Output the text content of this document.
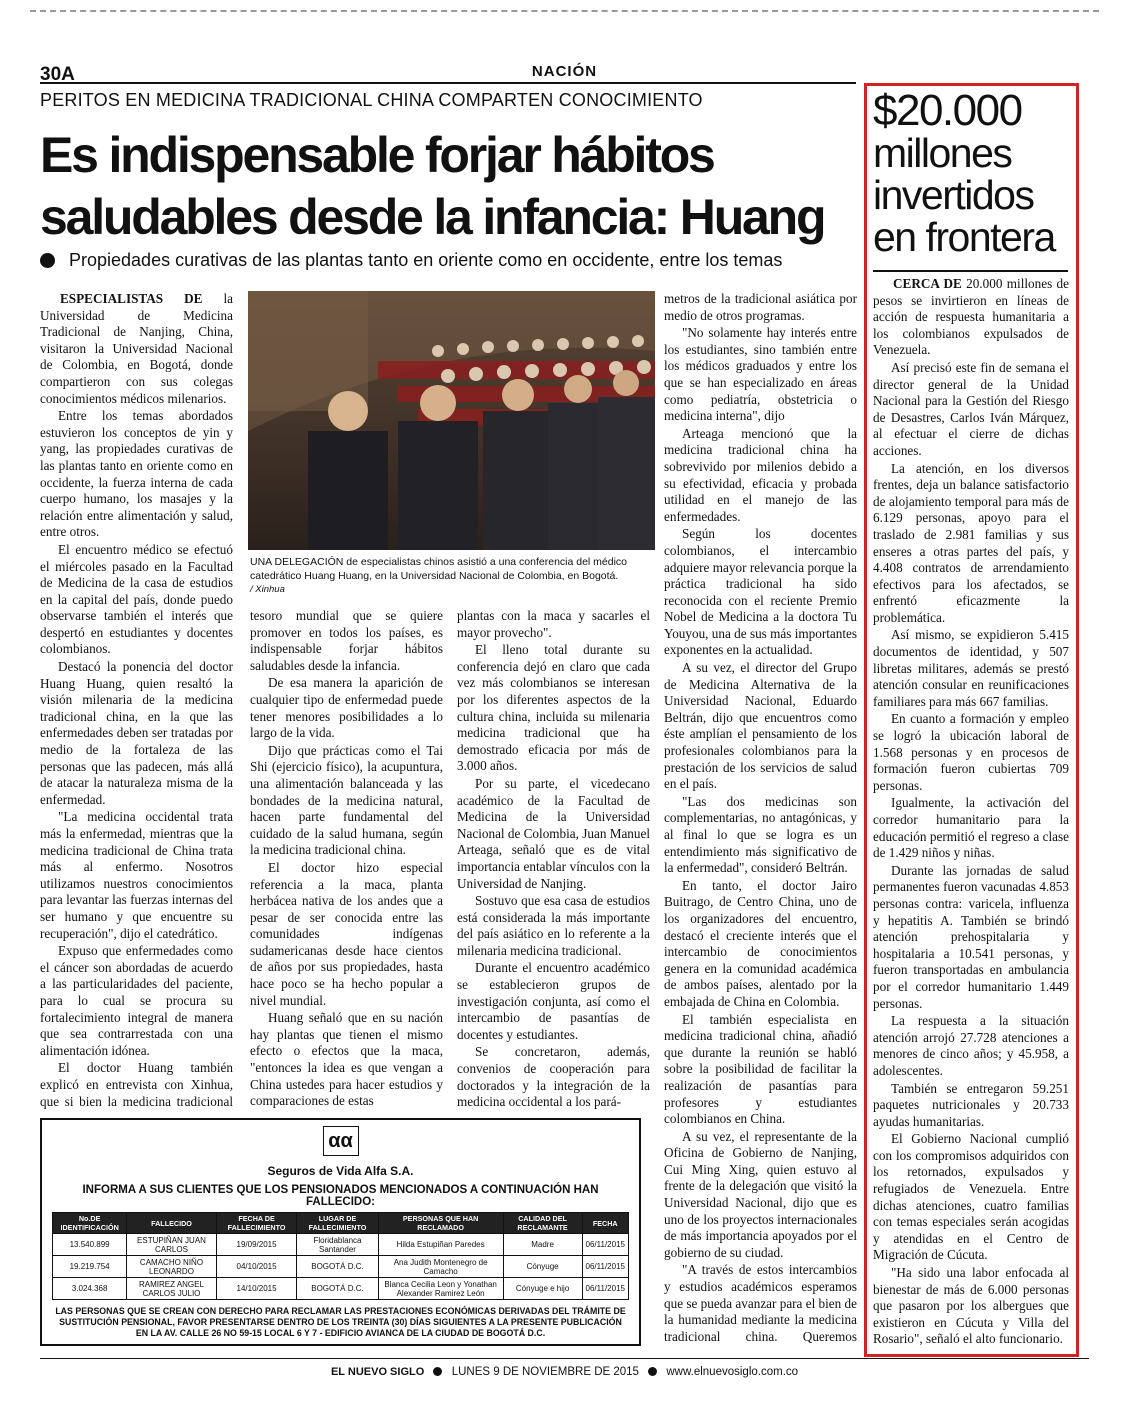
30A	NACIÓN
PERITOS EN MEDICINA TRADICIONAL CHINA COMPARTEN CONOCIMIENTO
Es indispensable forjar hábitos
saludables desde la infancia: Huang
Propiedades curativas de las plantas tanto en oriente como en occidente, entre los temas

ESPECIALISTAS DE la Universidad de Medicina Tradicional de Nanjing, China, visitaron la Universidad Nacional de Colombia, en Bogotá, donde compartieron con sus colegas conocimientos médicos milenarios.

Entre los temas abordados estuvieron los conceptos de yin y yang, las propiedades curativas de las plantas tanto en oriente como en occidente, la fuerza interna de cada cuerpo humano, los masajes y la relación entre alimentación y salud, entre otros.

El encuentro médico se efectuó el miércoles pasado en la Facultad de Medicina de la casa de estudios en la capital del país, donde puedo observarse también el interés que despertó en estudiantes y docentes colombianos.

Destacó la ponencia del doctor Huang Huang, quien resaltó la visión milenaria de la medicina tradicional china, en la que las enfermedades deben ser tratadas por medio de la fortaleza de las personas que las padecen, más allá de atacar la naturaleza misma de la enfermedad.

"La medicina occidental trata más la enfermedad, mientras que la medicina tradicional de China trata más al enfermo. Nosotros utilizamos nuestros conocimientos para levantar las fuerzas internas del ser humano y que encuentre su recuperación", dijo el catedrático.

Expuso que enfermedades como el cáncer son abordadas de acuerdo a las particularidades del paciente, para lo cual se procura su fortalecimiento integral de manera que sea contrarrestada con una alimentación idónea.

El doctor Huang también explicó en entrevista con Xinhua, que si bien la medicina tradicional

UNA DELEGACIÓN de especialistas chinos asistió a una conferencia del médico catedrático Huang Huang, en la Universidad Nacional de Colombia, en Bogotá.
/ Xinhua

tesoro mundial que se quiere promover en todos los países, es indispensable forjar hábitos saludables desde la infancia.

De esa manera la aparición de cualquier tipo de enfermedad puede tener menores posibilidades a lo largo de la vida.

Dijo que prácticas como el Tai Shi (ejercicio físico), la acupuntura, una alimentación balanceada y las bondades de la medicina natural, hacen parte fundamental del cuidado de la salud humana, según la medicina tradicional china.

El doctor hizo especial referencia a la maca, planta herbácea nativa de los andes que a pesar de ser conocida entre las comunidades indígenas sudamericanas desde hace cientos de años por sus propiedades, hasta hace poco se ha hecho popular a nivel mundial.

Huang señaló que en su nación hay plantas que tienen el mismo efecto o efectos que la maca, "entonces la idea es que vengan a China ustedes para hacer estudios y comparaciones de estas

plantas con la maca y sacarles el mayor provecho".

El lleno total durante su conferencia dejó en claro que cada vez más colombianos se interesan por los diferentes aspectos de la cultura china, incluida su milenaria medicina tradicional que ha demostrado eficacia por más de 3.000 años.

Por su parte, el vicedecano académico de la Facultad de Medicina de la Universidad Nacional de Colombia, Juan Manuel Arteaga, señaló que es de vital importancia entablar vínculos con la Universidad de Nanjing.

Sostuvo que esa casa de estudios está considerada la más importante del país asiático en lo referente a la milenaria medicina tradicional.

Durante el encuentro académico se establecieron grupos de investigación conjunta, así como el intercambio de pasantías de docentes y estudiantes.

Se concretaron, además, convenios de cooperación para doctorados y la integración de la medicina occidental a los pará-

metros de la tradicional asiática por medio de otros programas.

"No solamente hay interés entre los estudiantes, sino también entre los médicos graduados y entre los que se han especializado en áreas como pediatría, obstetricia o medicina interna", dijo

Arteaga mencionó que la medicina tradicional china ha sobrevivido por milenios debido a su efectividad, eficacia y probada utilidad en el manejo de las enfermedades.

Según los docentes colombianos, el intercambio adquiere mayor relevancia porque la práctica tradicional ha sido reconocida con el reciente Premio Nobel de Medicina a la doctora Tu Youyou, una de sus más importantes exponentes en la actualidad.

A su vez, el director del Grupo de Medicina Alternativa de la Universidad Nacional, Eduardo Beltrán, dijo que encuentros como éste amplían el pensamiento de los profesionales colombianos para la prestación de los servicios de salud en el país.

"Las dos medicinas son complementarias, no antagónicas, y al final lo que se logra es un entendimiento más significativo de la enfermedad", consideró Beltrán.

En tanto, el doctor Jairo Buitrago, de Centro China, uno de los organizadores del encuentro, destacó el creciente interés que el intercambio de conocimientos genera en la comunidad académica de ambos países, alentado por la embajada de China en Colombia.

El también especialista en medicina tradicional china, añadió que durante la reunión se habló sobre la posibilidad de facilitar la realización de pasantías para profesores y estudiantes colombianos en China.

A su vez, el representante de la Oficina de Gobierno de Nanjing, Cui Ming Xing, quien estuvo al frente de la delegación que visitó la Universidad Nacional, dijo que es uno de los proyectos internacionales de más importancia apoyados por el gobierno de su ciudad.

"A través de estos intercambios y estudios académicos esperamos que se pueda avanzar para el bien de la humanidad mediante la medicina tradicional china. Queremos

αα
Seguros de Vida Alfa S.A.
INFORMA A SUS CLIENTES QUE LOS PENSIONADOS MENCIONADOS A CONTINUACIÓN HAN FALLECIDO:
No.DE IDENTIFICACIÓN	FALLECIDO	FECHA DE FALLECIMIENTO	LUGAR DE FALLECIMIENTO	PERSONAS QUE HAN RECLAMADO	CALIDAD DEL RECLAMANTE	FECHA
13.540.899	ESTUPIÑAN JUAN CARLOS	19/09/2015	Floridablanca Santander	Hilda Estupiñan Paredes	Madre	06/11/2015
19.219.754	CAMACHO NIÑO LEONARDO	04/10/2015	BOGOTÁ D.C.	Ana Judith Montenegro de Camacho	Cónyuge	06/11/2015
3.024.368	RAMIREZ ANGEL CARLOS JULIO	14/10/2015	BOGOTÁ D.C.	Blanca Cecilia Leon y Yonathan Alexander Ramirez León	Cónyuge e hijo	06/11/2015
LAS PERSONAS QUE SE CREAN CON DERECHO PARA RECLAMAR LAS PRESTACIONES ECONÓMICAS DERIVADAS DEL TRÁMITE DE SUSTITUCIÓN PENSIONAL, FAVOR PRESENTARSE DENTRO DE LOS TREINTA (30) DÍAS SIGUIENTES A LA PRESENTE PUBLICACIÓN EN LA AV. CALLE 26 NO 59-15 LOCAL 6 Y 7 - EDIFICIO AVIANCA DE LA CIUDAD DE BOGOTÁ D.C.
$20.000
millones
invertidos
en frontera

CERCA DE 20.000 millones de pesos se invirtieron en líneas de acción de respuesta humanitaria a los colombianos expulsados de Venezuela.

Así precisó este fin de semana el director general de la Unidad Nacional para la Gestión del Riesgo de Desastres, Carlos Iván Márquez, al efectuar el cierre de dichas acciones.

La atención, en los diversos frentes, deja un balance satisfactorio de alojamiento temporal para más de 6.129 personas, apoyo para el traslado de 2.981 familias y sus enseres a otras partes del país, y 4.408 contratos de arrendamiento efectivos para los afectados, se enfrentó eficazmente la problemática.

Así mismo, se expidieron 5.415 documentos de identidad, y 507 libretas militares, además se prestó atención consular en reunificaciones familiares para más 667 familias.

En cuanto a formación y empleo se logró la ubicación laboral de 1.568 personas y en procesos de formación fueron cubiertas 709 personas.

Igualmente, la activación del corredor humanitario para la educación permitió el regreso a clase de 1.429 niños y niñas.

Durante las jornadas de salud permanentes fueron vacunadas 4.853 personas contra: varicela, influenza y hepatitis A. También se brindó atención prehospitalaria y hospitalaria a 10.541 personas, y fueron transportadas en ambulancia por el corredor humanitario 1.449 personas.

La respuesta a la situación atención arrojó 27.728 atenciones a menores de cinco años; y 45.958, a adolescentes.

También se entregaron 59.251 paquetes nutricionales y 20.733 ayudas humanitarias.

El Gobierno Nacional cumplió con los compromisos adquiridos con los retornados, expulsados y refugiados de Venezuela. Entre dichas atenciones, cuatro familias con temas especiales serán acogidas y atendidas en el Centro de Migración de Cúcuta.

"Ha sido una labor enfocada al bienestar de más de 6.000 personas que pasaron por los albergues que existieron en Cúcuta y Villa del Rosario", señaló el alto funcionario.

EL NUEVO SIGLO LUNES 9 DE NOVIEMBRE DE 2015 www.elnuevosiglo.com.co
